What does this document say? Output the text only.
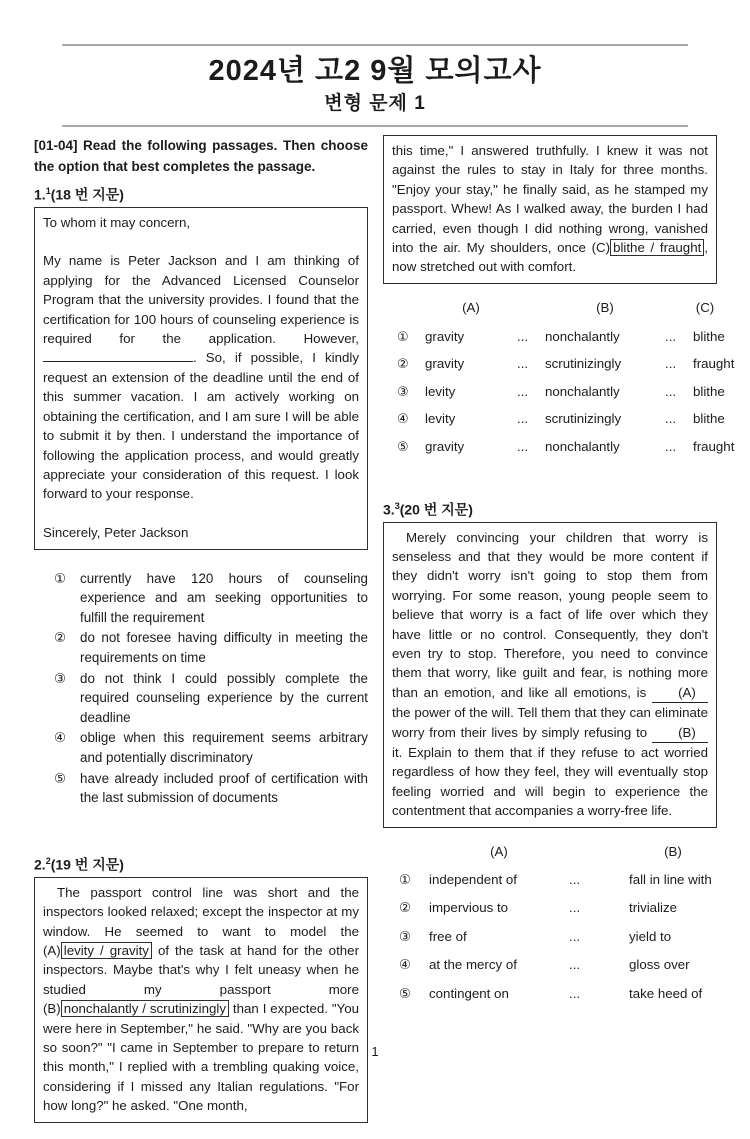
2024년 고2 9월 모의고사
변형 문제 1

[01-04] Read the following passages. Then choose the option that best completes the passage.

1.$^1$(18 번 지문)

To whom it may concern,

My name is Peter Jackson and I am thinking of applying for the Advanced Licensed Counselor Program that the university provides. I found that the certification for 100 hours of counseling experience is required for the application. However, . So, if possible, I kindly request an extension of the deadline until the end of this summer vacation. I am actively working on obtaining the certification, and I am sure I will be able to submit it by then. I understand the importance of following the application process, and would greatly appreciate your consideration of this request. I look forward to your response.

Sincerely, Peter Jackson

①	currently have 120 hours of counseling experience and am seeking opportunities to fulfill the requirement
②	do not foresee having difficulty in meeting the requirements on time
③	do not think I could possibly complete the required counseling experience by the current deadline
④	oblige when this requirement seems arbitrary and potentially discriminatory
⑤	have already included proof of certification with the last submission of documents
2.$^2$(19 번 지문)

The passport control line was short and the inspectors looked relaxed; except the inspector at my window. He seemed to want to model the (A) levity / gravity of the task at hand for the other inspectors. Maybe that's why I felt uneasy when he studied my passport more (B) nonchalantly / scrutinizingly than I expected. "You were here in September," he said. "Why are you back so soon?" "I came in September to prepare to return this month," I replied with a trembling quaking voice, considering if I missed any Italian regulations. "For how long?" he asked. "One month,

this time," I answered truthfully. I knew it was not against the rules to stay in Italy for three months. "Enjoy your stay," he finally said, as he stamped my passport. Whew! As I walked away, the burden I had carried, even though I did nothing wrong, vanished into the air. My shoulders, once (C) blithe / fraught , now stretched out with comfort.

(A)	(B)	(C)
①	gravity	...	nonchalantly	...	blithe
②	gravity	...	scrutinizingly	...	fraught
③	levity	...	nonchalantly	...	blithe
④	levity	...	scrutinizingly	...	blithe
⑤	gravity	...	nonchalantly	...	fraught
3.$^3$(20 번 지문)

Merely convincing your children that worry is senseless and that they would be more content if they didn't worry isn't going to stop them from worrying. For some reason, young people seem to believe that worry is a fact of life over which they have little or no control. Consequently, they don't even try to stop. Therefore, you need to convince them that worry, like guilt and fear, is nothing more than an emotion, and like all emotions, is (A) the power of the will. Tell them that they can eliminate worry from their lives by simply refusing to (B) it. Explain to them that if they refuse to act worried regardless of how they feel, they will eventually stop feeling worried and will begin to experience the contentment that accompanies a worry-free life.

(A)	(B)
①	independent of	...	fall in line with
②	impervious to	...	trivialize
③	free of	...	yield to
④	at the mercy of	...	gloss over
⑤	contingent on	...	take heed of
1
